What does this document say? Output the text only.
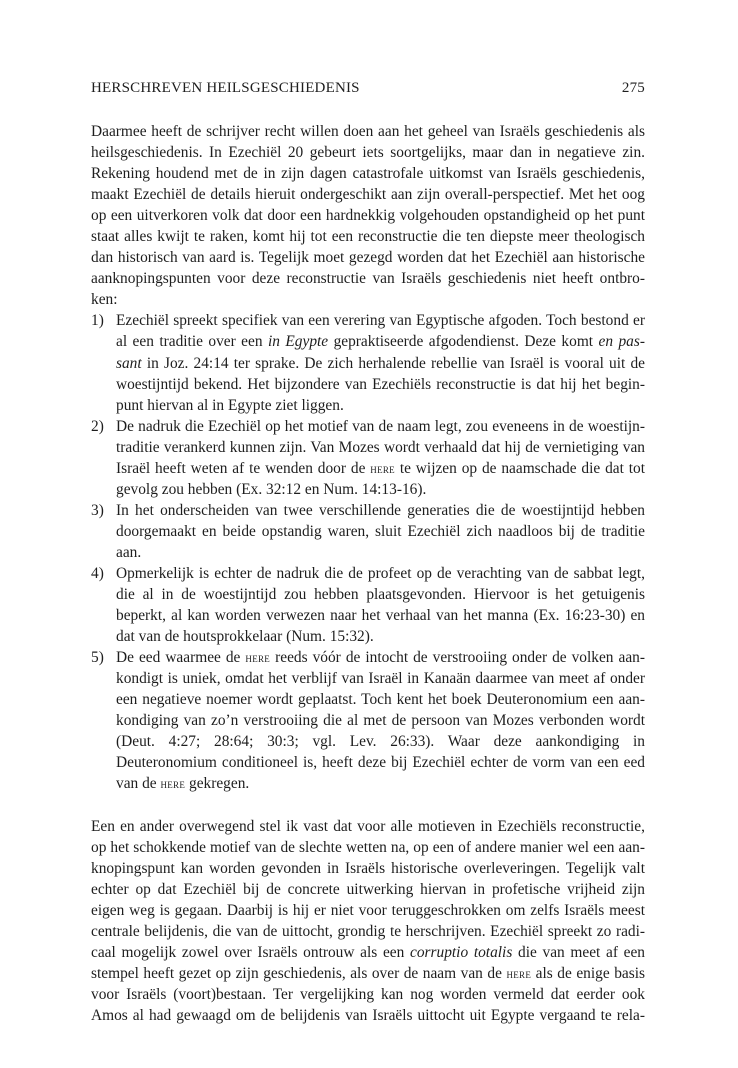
HERSCHREVEN HEILSGESCHIEDENIS	275
Daarmee heeft de schrijver recht willen doen aan het geheel van Israëls geschiedenis als
heilsgeschiedenis. In Ezechiël 20 gebeurt iets soortgelijks, maar dan in negatieve zin.
Rekening houdend met de in zijn dagen catastrofale uitkomst van Israëls geschiedenis,
maakt Ezechiël de details hieruit ondergeschikt aan zijn overall-perspectief. Met het oog
op een uitverkoren volk dat door een hardnekkig volgehouden opstandigheid op het punt
staat alles kwijt te raken, komt hij tot een reconstructie die ten diepste meer theologisch
dan historisch van aard is. Tegelijk moet gezegd worden dat het Ezechiël aan historische
aanknopingspunten voor deze reconstructie van Israëls geschiedenis niet heeft ontbro-
ken:
1) Ezechiël spreekt specifiek van een verering van Egyptische afgoden. Toch bestond er
al een traditie over een in Egypte gepraktiseerde afgodendienst. Deze komt en pas-
sant in Joz. 24:14 ter sprake. De zich herhalende rebellie van Israël is vooral uit de
woestijntijd bekend. Het bijzondere van Ezechiëls reconstructie is dat hij het begin-
punt hiervan al in Egypte ziet liggen.
2) De nadruk die Ezechiël op het motief van de naam legt, zou eveneens in de woestijn-
traditie verankerd kunnen zijn. Van Mozes wordt verhaald dat hij de vernietiging van
Israël heeft weten af te wenden door de here te wijzen op de naamschade die dat tot
gevolg zou hebben (Ex. 32:12 en Num. 14:13-16).
3) In het onderscheiden van twee verschillende generaties die de woestijntijd hebben
doorgemaakt en beide opstandig waren, sluit Ezechiël zich naadloos bij de traditie
aan.
4) Opmerkelijk is echter de nadruk die de profeet op de verachting van de sabbat legt,
die al in de woestijntijd zou hebben plaatsgevonden. Hiervoor is het getuigenis
beperkt, al kan worden verwezen naar het verhaal van het manna (Ex. 16:23-30) en
dat van de houtsprokkelaar (Num. 15:32).
5) De eed waarmee de here reeds vóór de intocht de verstrooiing onder de volken aan-
kondigt is uniek, omdat het verblijf van Israël in Kanaän daarmee van meet af onder
een negatieve noemer wordt geplaatst. Toch kent het boek Deuteronomium een aan-
kondiging van zo’n verstrooiing die al met de persoon van Mozes verbonden wordt
(Deut. 4:27; 28:64; 30:3; vgl. Lev. 26:33). Waar deze aankondiging in
Deuteronomium conditioneel is, heeft deze bij Ezechiël echter de vorm van een eed
van de here gekregen.
Een en ander overwegend stel ik vast dat voor alle motieven in Ezechiëls reconstructie,
op het schokkende motief van de slechte wetten na, op een of andere manier wel een aan-
knopingspunt kan worden gevonden in Israëls historische overleveringen. Tegelijk valt
echter op dat Ezechiël bij de concrete uitwerking hiervan in profetische vrijheid zijn
eigen weg is gegaan. Daarbij is hij er niet voor teruggeschrokken om zelfs Israëls meest
centrale belijdenis, die van de uittocht, grondig te herschrijven. Ezechiël spreekt zo radi-
caal mogelijk zowel over Israëls ontrouw als een corruptio totalis die van meet af een
stempel heeft gezet op zijn geschiedenis, als over de naam van de here als de enige basis
voor Israëls (voort)bestaan. Ter vergelijking kan nog worden vermeld dat eerder ook
Amos al had gewaagd om de belijdenis van Israëls uittocht uit Egypte vergaand te rela-
